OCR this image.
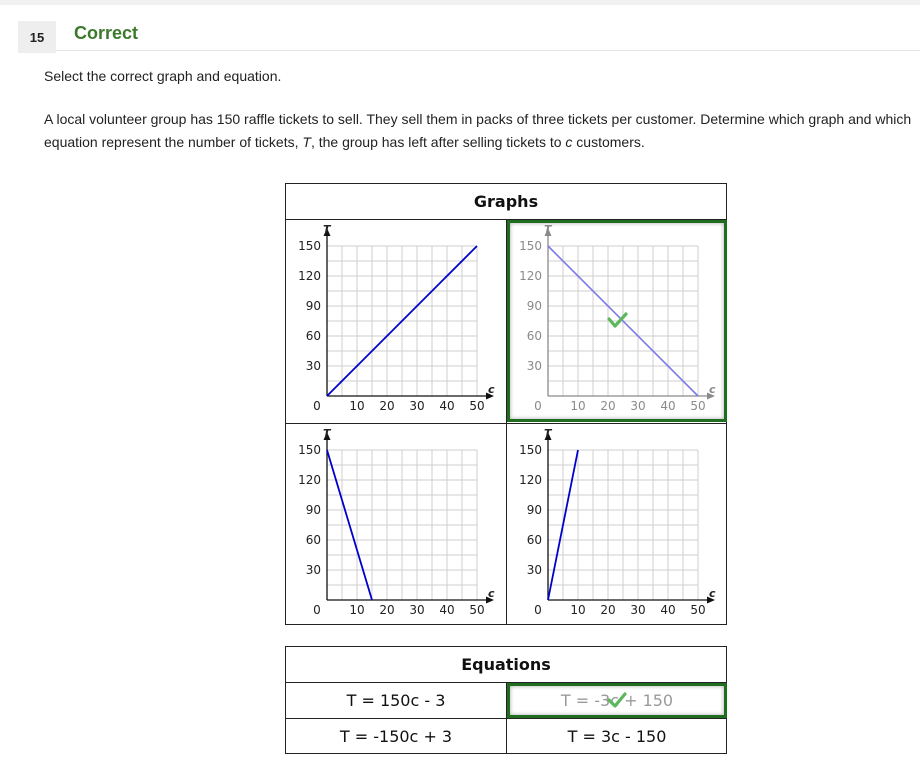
15	Correct
Select the correct graph and equation.
A local volunteer group has 150 raffle tickets to sell. They sell them in packs of three tickets per customer. Determine which graph and which equation represent the number of tickets, T, the group has left after selling tickets to c customers.
Graphs
T
c
0 10 20 30 40 50
150
120
90
60
30
T
c
0 10 20 30 40 50
150
120
90
60
30
T
c
0 10 20 30 40 50
150
120
90
60
30
T
c
0 10 20 30 40 50
150
120
90
60
30
Equations
T = 150c - 3	T = -3c + 150
T = -150c + 3	T = 3c - 150
